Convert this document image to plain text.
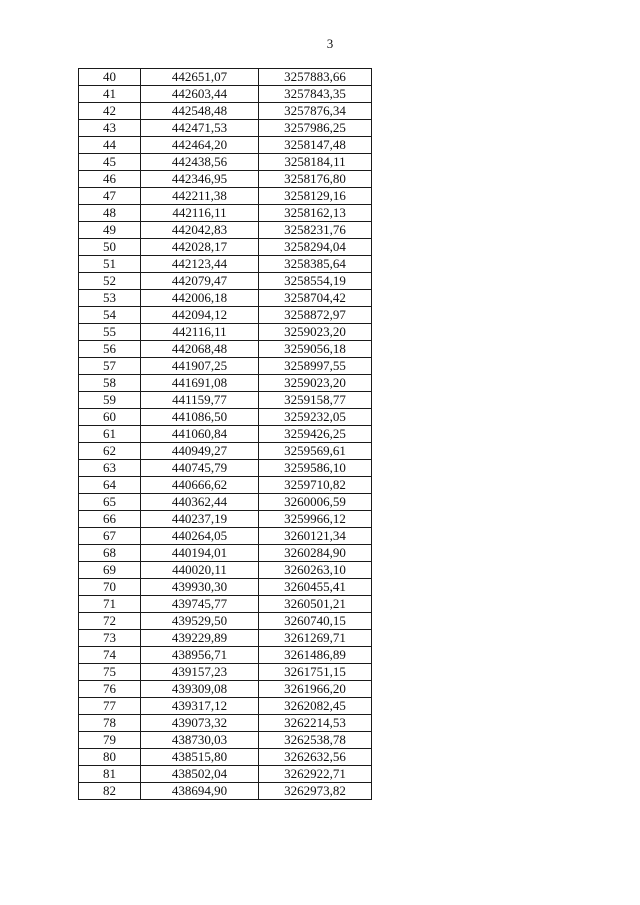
3
40	442651,07	3257883,66
41	442603,44	3257843,35
42	442548,48	3257876,34
43	442471,53	3257986,25
44	442464,20	3258147,48
45	442438,56	3258184,11
46	442346,95	3258176,80
47	442211,38	3258129,16
48	442116,11	3258162,13
49	442042,83	3258231,76
50	442028,17	3258294,04
51	442123,44	3258385,64
52	442079,47	3258554,19
53	442006,18	3258704,42
54	442094,12	3258872,97
55	442116,11	3259023,20
56	442068,48	3259056,18
57	441907,25	3258997,55
58	441691,08	3259023,20
59	441159,77	3259158,77
60	441086,50	3259232,05
61	441060,84	3259426,25
62	440949,27	3259569,61
63	440745,79	3259586,10
64	440666,62	3259710,82
65	440362,44	3260006,59
66	440237,19	3259966,12
67	440264,05	3260121,34
68	440194,01	3260284,90
69	440020,11	3260263,10
70	439930,30	3260455,41
71	439745,77	3260501,21
72	439529,50	3260740,15
73	439229,89	3261269,71
74	438956,71	3261486,89
75	439157,23	3261751,15
76	439309,08	3261966,20
77	439317,12	3262082,45
78	439073,32	3262214,53
79	438730,03	3262538,78
80	438515,80	3262632,56
81	438502,04	3262922,71
82	438694,90	3262973,82
